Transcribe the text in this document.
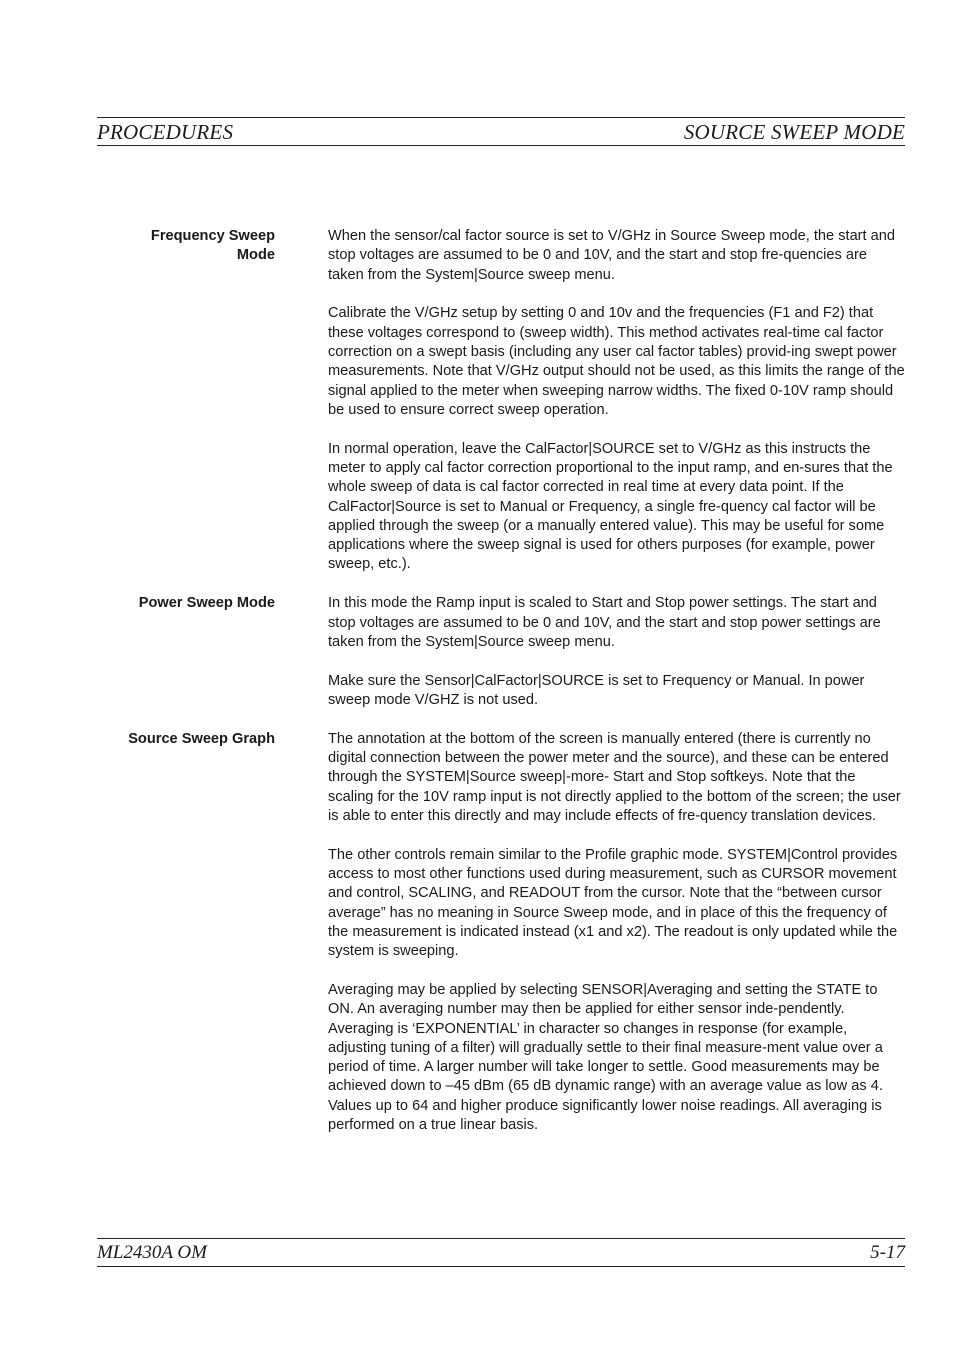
PROCEDURES	SOURCE SWEEP MODE
Frequency Sweep
Mode

When the sensor/cal factor source is set to V/GHz in Source Sweep mode, the start and stop voltages are assumed to be 0 and 10V, and the start and stop fre-quencies are taken from the System|Source sweep menu.

Calibrate the V/GHz setup by setting 0 and 10v and the frequencies (F1 and F2) that these voltages correspond to (sweep width). This method activates real-time cal factor correction on a swept basis (including any user cal factor tables) provid-ing swept power measurements. Note that V/GHz output should not be used, as this limits the range of the signal applied to the meter when sweeping narrow widths. The fixed 0-10V ramp should be used to ensure correct sweep operation.

In normal operation, leave the CalFactor|SOURCE set to V/GHz as this instructs the meter to apply cal factor correction proportional to the input ramp, and en-sures that the whole sweep of data is cal factor corrected in real time at every data point. If the CalFactor|Source is set to Manual or Frequency, a single fre-quency cal factor will be applied through the sweep (or a manually entered value). This may be useful for some applications where the sweep signal is used for others purposes (for example, power sweep, etc.).

Power Sweep Mode	In this mode the Ramp input is scaled to Start and Stop power settings. The start and stop voltages are assumed to be 0 and 10V, and the start and stop power settings are taken from the System|Source sweep menu.

Make sure the Sensor|CalFactor|SOURCE is set to Frequency or Manual. In power sweep mode V/GHZ is not used.

Source Sweep Graph	The annotation at the bottom of the screen is manually entered (there is currently no digital connection between the power meter and the source), and these can be entered through the SYSTEM|Source sweep|-more- Start and Stop softkeys. Note that the scaling for the 10V ramp input is not directly applied to the bottom of the screen; the user is able to enter this directly and may include effects of fre-quency translation devices.

The other controls remain similar to the Profile graphic mode. SYSTEM|Control provides access to most other functions used during measurement, such as CURSOR movement and control, SCALING, and READOUT from the cursor. Note that the “between cursor average” has no meaning in Source Sweep mode, and in place of this the frequency of the measurement is indicated instead (x1 and x2). The readout is only updated while the system is sweeping.

Averaging may be applied by selecting SENSOR|Averaging and setting the STATE to ON. An averaging number may then be applied for either sensor inde-pendently. Averaging is ‘EXPONENTIAL’ in character so changes in response (for example, adjusting tuning of a filter) will gradually settle to their final measure-ment value over a period of time. A larger number will take longer to settle. Good measurements may be achieved down to –45 dBm (65 dB dynamic range) with an average value as low as 4. Values up to 64 and higher produce significantly lower noise readings. All averaging is performed on a true linear basis.

ML2430A OM	5-17
